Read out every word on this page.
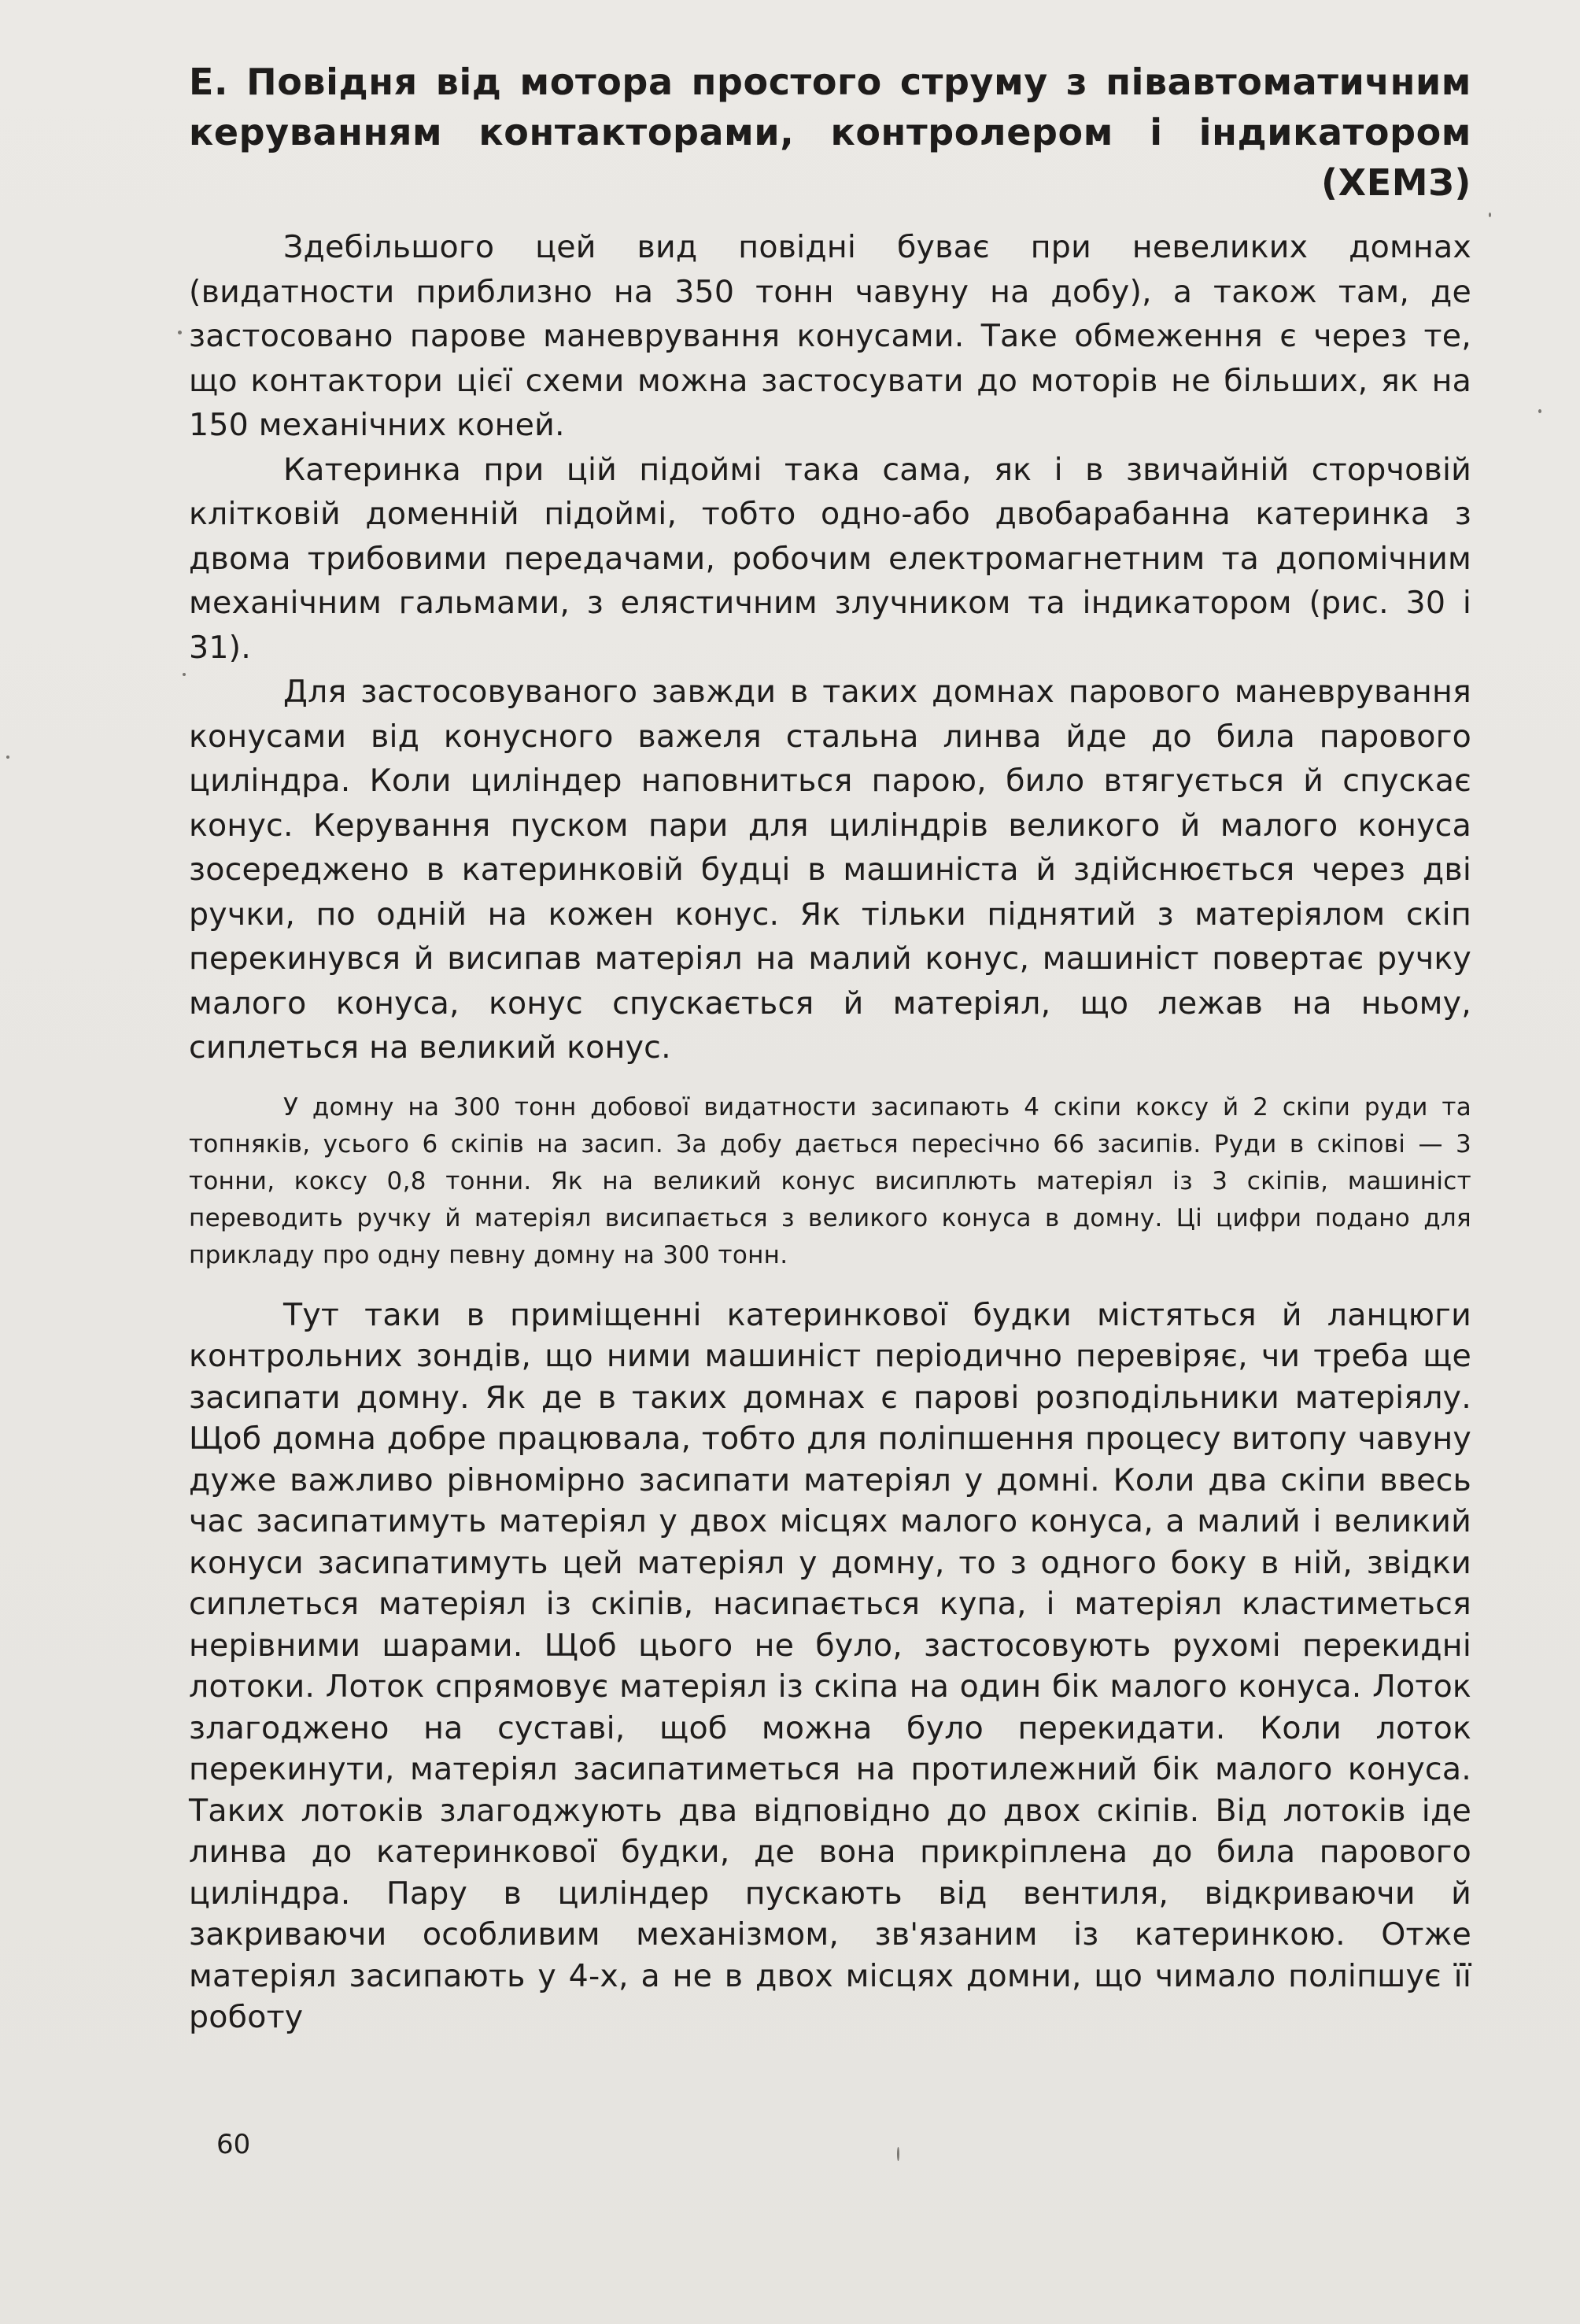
Е. Повідня від мотора простого струму з півавтоматичним керуванням контакторами, контролером і індикатором (ХЕМЗ)

Здебільшого цей вид повідні буває при невеликих домнах (видатности приблизно на 350 тонн чавуну на добу), а також там, де застосовано парове маневрування конусами. Таке обмеження є через те, що контактори цієї схеми можна застосувати до моторів не більших, як на 150 механічних коней.

Катеринка при цій підоймі така сама, як і в звичайній сторчовій клітковій доменній підоймі, тобто одно-або двобарабанна катеринка з двома трибовими передачами, робочим електромагнетним та допомічним механічним гальмами, з елястичним злучником та індикатором (рис. 30 і 31).

Для застосовуваного завжди в таких домнах парового маневрування конусами від конусного важеля стальна линва йде до била парового циліндра. Коли циліндер наповниться парою, било втягується й спускає конус. Керування пуском пари для циліндрів великого й малого конуса зосереджено в катеринковій будці в машиніста й здійснюється через дві ручки, по одній на кожен конус. Як тільки піднятий з матеріялом скіп перекинувся й висипав матеріял на малий конус, машиніст повертає ручку малого конуса, конус спускається й матеріял, що лежав на ньому, сиплеться на великий конус.

У домну на 300 тонн добової видатности засипають 4 скіпи коксу й 2 скіпи руди та топняків, усього 6 скіпів на засип. За добу дається пересічно 66 засипів. Руди в скіпові — 3 тонни, коксу 0,8 тонни. Як на великий конус висиплють матеріял із 3 скіпів, машиніст переводить ручку й матеріял висипається з великого конуса в домну. Ці цифри подано для прикладу про одну певну домну на 300 тонн.

Тут таки в приміщенні катеринкової будки містяться й ланцюги контрольних зондів, що ними машиніст періодично перевіряє, чи треба ще засипати домну. Як де в таких домнах є парові розподільники матеріялу. Щоб домна добре працювала, тобто для поліпшення процесу витопу чавуну дуже важливо рівномірно засипати матеріял у домні. Коли два скіпи ввесь час засипатимуть матеріял у двох місцях малого конуса, а малий і великий конуси засипатимуть цей матеріял у домну, то з одного боку в ній, звідки сиплеться матеріял із скіпів, насипається купа, і матеріял кластиметься нерівними шарами. Щоб цього не було, застосовують рухомі перекидні лотоки. Лоток спрямовує матеріял із скіпа на один бік малого конуса. Лоток злагоджено на суставі, щоб можна було перекидати. Коли лоток перекинути, матеріял засипатиметься на протилежний бік малого конуса. Таких лотоків злагоджують два відповідно до двох скіпів. Від лотоків іде линва до катеринкової будки, де вона прикріплена до била парового циліндра. Пару в циліндер пускають від вентиля, відкриваючи й закриваючи особливим механізмом, зв'язаним із катеринкою. Отже матеріял засипають у 4-х, а не в двох місцях домни, що чимало поліпшує її роботу

60
